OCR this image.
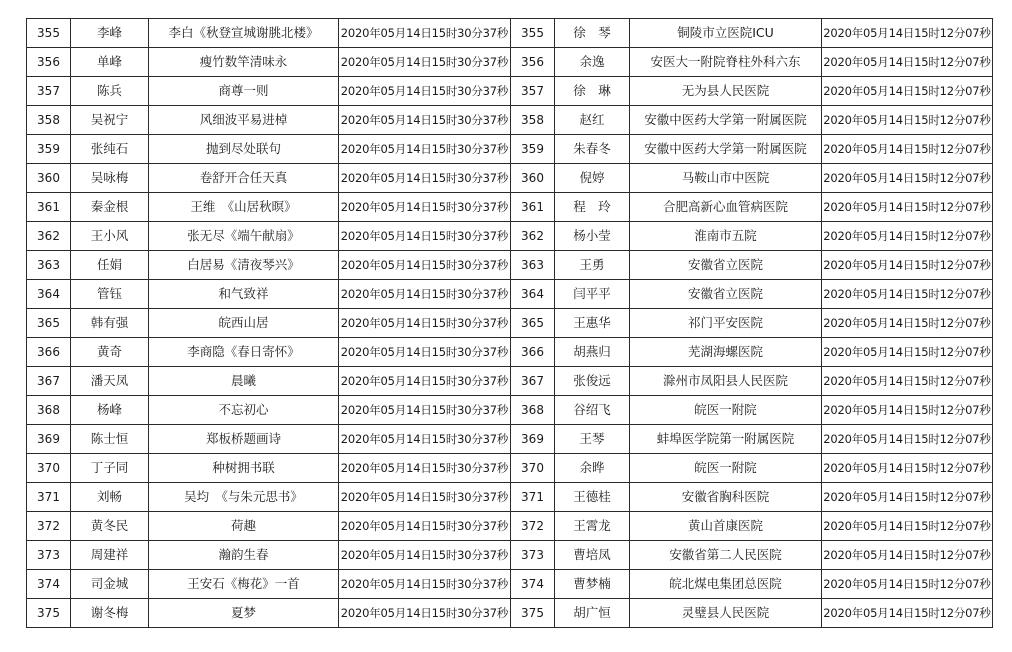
355	李峰	李白《秋登宣城谢朓北楼》	2020年05月14日15时30分37秒	355	徐　琴	铜陵市立医院ICU	2020年05月14日15时12分07秒
356	单峰	瘦竹数竿清味永	2020年05月14日15时30分37秒	356	余逸	安医大一附院脊柱外科六东	2020年05月14日15时12分07秒
357	陈兵	商尊一则	2020年05月14日15时30分37秒	357	徐　琳	无为县人民医院	2020年05月14日15时12分07秒
358	吴祝宁	风细波平易进棹	2020年05月14日15时30分37秒	358	赵红	安徽中医药大学第一附属医院	2020年05月14日15时12分07秒
359	张纯石	抛到尽处联句	2020年05月14日15时30分37秒	359	朱春冬	安徽中医药大学第一附属医院	2020年05月14日15时12分07秒
360	吴咏梅	卷舒开合任天真	2020年05月14日15时30分37秒	360	倪婷	马鞍山市中医院	2020年05月14日15时12分07秒
361	秦金根	王维　《山居秋暝》	2020年05月14日15时30分37秒	361	程　玲	合肥高新心血管病医院	2020年05月14日15时12分07秒
362	王小风	张无尽《端午献扇》	2020年05月14日15时30分37秒	362	杨小莹	淮南市五院	2020年05月14日15时12分07秒
363	任娟	白居易《清夜琴兴》	2020年05月14日15时30分37秒	363	王勇	安徽省立医院	2020年05月14日15时12分07秒
364	管钰	和气致祥	2020年05月14日15时30分37秒	364	闫平平	安徽省立医院	2020年05月14日15时12分07秒
365	韩有强	皖西山居	2020年05月14日15时30分37秒	365	王惠华	祁门平安医院	2020年05月14日15时12分07秒
366	黄奇	李商隐《春日寄怀》	2020年05月14日15时30分37秒	366	胡燕归	芜湖海螺医院	2020年05月14日15时12分07秒
367	潘天凤	晨曦	2020年05月14日15时30分37秒	367	张俊远	滁州市凤阳县人民医院	2020年05月14日15时12分07秒
368	杨峰	不忘初心	2020年05月14日15时30分37秒	368	谷绍飞	皖医一附院	2020年05月14日15时12分07秒
369	陈士恒	郑板桥题画诗	2020年05月14日15时30分37秒	369	王琴	蚌埠医学院第一附属医院	2020年05月14日15时12分07秒
370	丁子同	种树拥书联	2020年05月14日15时30分37秒	370	余晔	皖医一附院	2020年05月14日15时12分07秒
371	刘畅	吴均　《与朱元思书》	2020年05月14日15时30分37秒	371	王德桂	安徽省胸科医院	2020年05月14日15时12分07秒
372	黄冬民	荷趣	2020年05月14日15时30分37秒	372	王霄龙	黄山首康医院	2020年05月14日15时12分07秒
373	周建祥	瀚韵生春	2020年05月14日15时30分37秒	373	曹培凤	安徽省第二人民医院	2020年05月14日15时12分07秒
374	司金城	王安石《梅花》一首	2020年05月14日15时30分37秒	374	曹梦楠	皖北煤电集团总医院	2020年05月14日15时12分07秒
375	谢冬梅	夏梦	2020年05月14日15时30分37秒	375	胡广恒	灵璧县人民医院	2020年05月14日15时12分07秒
